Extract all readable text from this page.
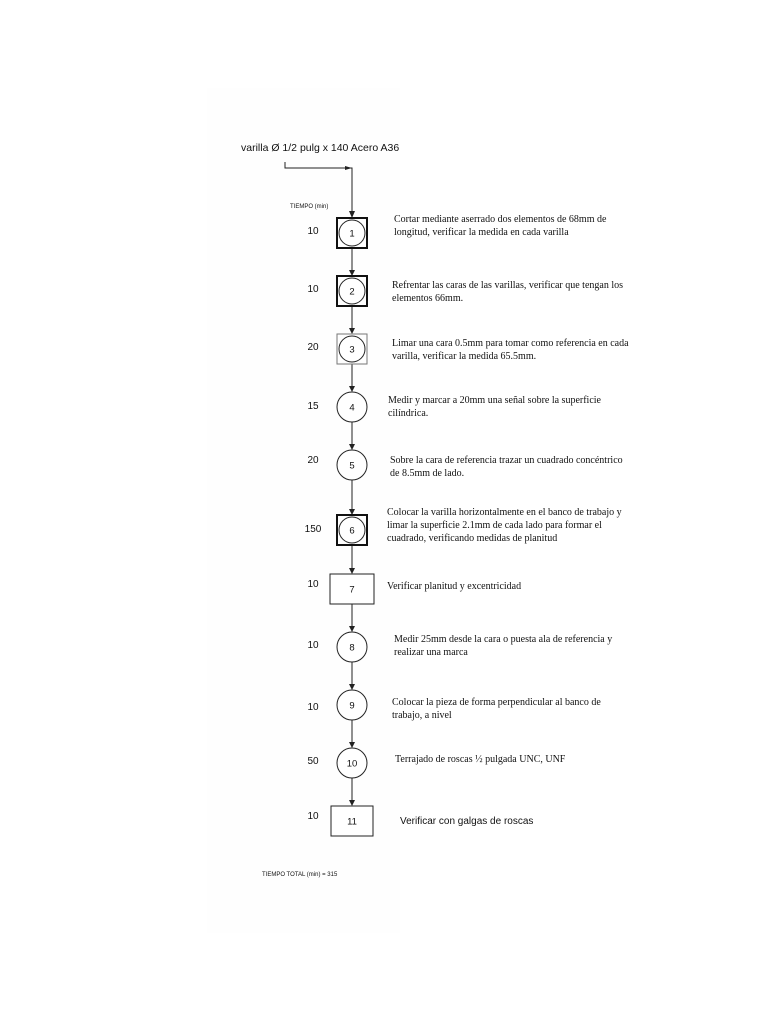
varilla Ø 1/2 pulg x 140 Acero A36
TIEMPO (min)
1
2
3
4
5
6
7
8
9
10
11
10
10
20
15
20
150
10
10
10
50
10
Cortar mediante aserrado dos elementos de 68mm de longitud, verificar la medida en cada varilla
Refrentar las caras de las varillas, verificar que tengan los elementos 66mm.
Limar una cara 0.5mm para tomar como referencia en cada varilla, verificar la medida 65.5mm.
Medir y marcar a 20mm una señal sobre la superficie cilíndrica.
Sobre la cara de referencia trazar un cuadrado concéntrico de 8.5mm de lado.
Colocar la varilla horizontalmente en el banco de trabajo y limar la superficie 2.1mm de cada lado para formar el cuadrado, verificando medidas de planitud
Verificar planitud y excentricidad
Medir 25mm desde la cara o puesta ala de referencia y realizar una marca
Colocar la pieza de forma perpendicular al banco de trabajo, a nivel
Terrajado de roscas ½ pulgada UNC, UNF
Verificar con galgas de roscas
TIEMPO TOTAL (min) = 315
